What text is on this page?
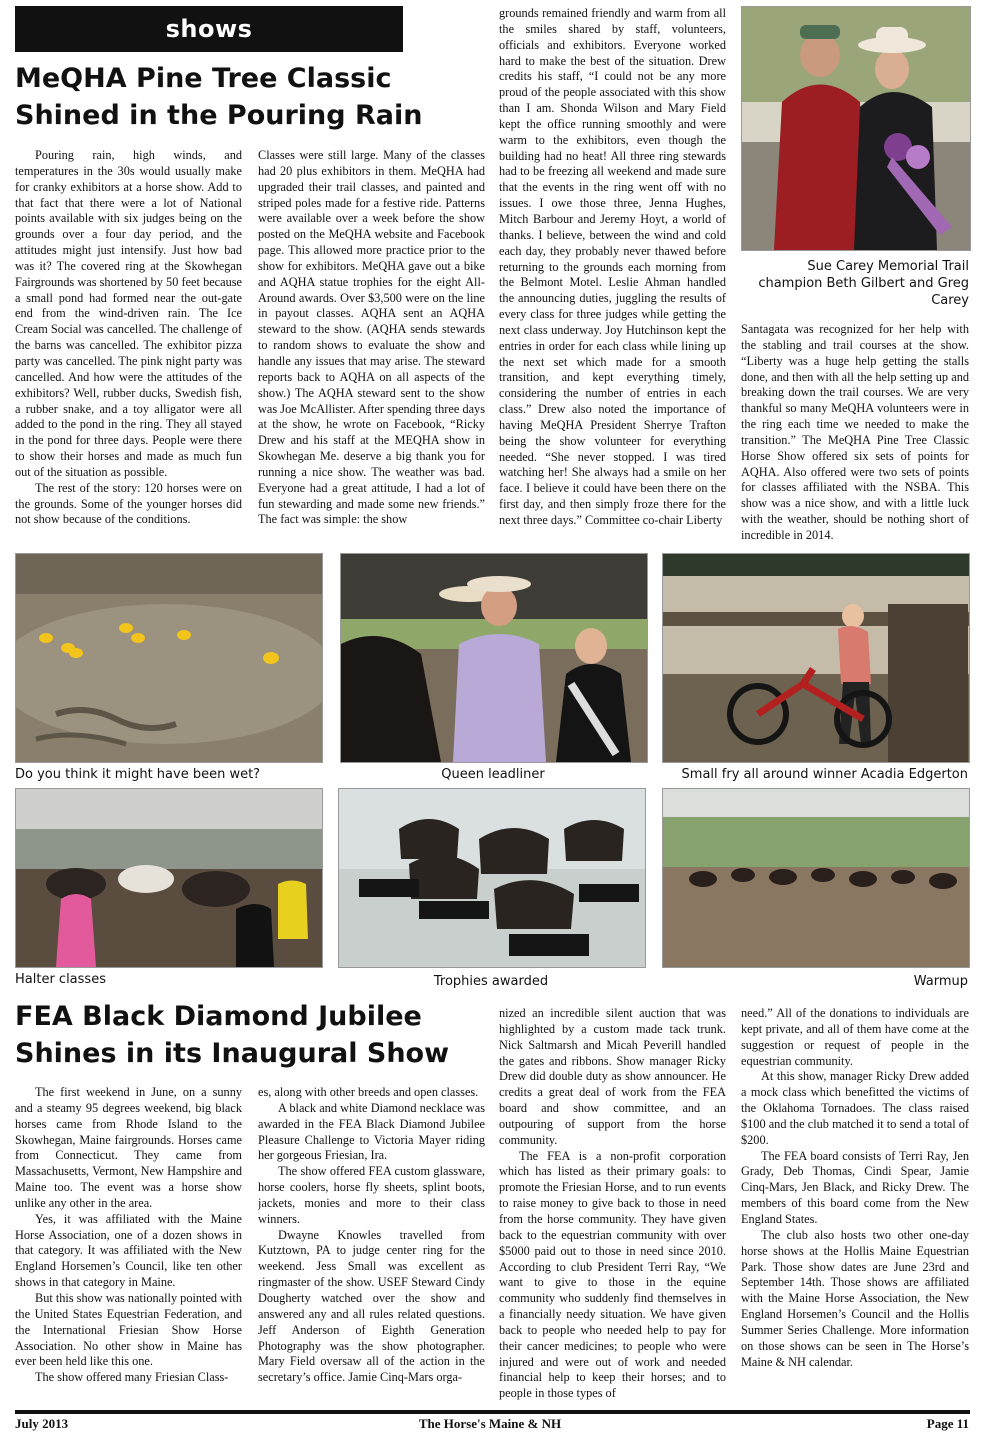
shows
MeQHA Pine Tree Classic
Shined in the Pouring Rain

Pouring rain, high winds, and temperatures in the 30s would usually make for cranky exhibitors at a horse show. Add to that fact that there were a lot of National points available with six judges being on the grounds over a four day period, and the attitudes might just intensify. Just how bad was it? The covered ring at the Skowhegan Fairgrounds was shortened by 50 feet because a small pond had formed near the out-gate end from the wind-driven rain. The Ice Cream Social was cancelled. The challenge of the barns was cancelled. The exhibitor pizza party was cancelled. The pink night party was cancelled. And how were the attitudes of the exhibitors? Well, rubber ducks, Swedish fish, a rubber snake, and a toy alligator were all added to the pond in the ring. They all stayed in the pond for three days. People were there to show their horses and made as much fun out of the situation as possible.

The rest of the story: 120 horses were on the grounds. Some of the younger horses did not show because of the conditions.

Classes were still large. Many of the classes had 20 plus exhibitors in them. MeQHA had upgraded their trail classes, and painted and striped poles made for a festive ride. Patterns were available over a week before the show posted on the MeQHA website and Facebook page. This allowed more practice prior to the show for exhibitors. MeQHA gave out a bike and AQHA statue trophies for the eight All-Around awards. Over $3,500 were on the line in payout classes. AQHA sent an AQHA steward to the show. (AQHA sends stewards to random shows to evaluate the show and handle any issues that may arise. The steward reports back to AQHA on all aspects of the show.) The AQHA steward sent to the show was Joe McAllister. After spending three days at the show, he wrote on Facebook, “Ricky Drew and his staff at the MEQHA show in Skowhegan Me. deserve a big thank you for running a nice show. The weather was bad. Everyone had a great attitude, I had a lot of fun stewarding and made some new friends.” The fact was simple: the show

grounds remained friendly and warm from all the smiles shared by staff, volunteers, officials and exhibitors. Everyone worked hard to make the best of the situation. Drew credits his staff, “I could not be any more proud of the people associated with this show than I am. Shonda Wilson and Mary Field kept the office running smoothly and were warm to the exhibitors, even though the building had no heat! All three ring stewards had to be freezing all weekend and made sure that the events in the ring went off with no issues. I owe those three, Jenna Hughes, Mitch Barbour and Jeremy Hoyt, a world of thanks. I believe, between the wind and cold each day, they probably never thawed before returning to the grounds each morning from the Belmont Motel. Leslie Ahman handled the announcing duties, juggling the results of every class for three judges while getting the next class underway. Joy Hutchinson kept the entries in order for each class while lining up the next set which made for a smooth transition, and kept everything timely, considering the number of entries in each class.” Drew also noted the importance of having MeQHA President Sherrye Trafton being the show volunteer for everything needed. “She never stopped. I was tired watching her! She always had a smile on her face. I believe it could have been there on the first day, and then simply froze there for the next three days.” Committee co-chair Liberty

Sue Carey Memorial Trail champion Beth Gilbert and Greg Carey

Santagata was recognized for her help with the stabling and trail courses at the show. “Liberty was a huge help getting the stalls done, and then with all the help setting up and breaking down the trail courses. We are very thankful so many MeQHA volunteers were in the ring each time we needed to make the transition.” The MeQHA Pine Tree Classic Horse Show offered six sets of points for AQHA. Also offered were two sets of points for classes affiliated with the NSBA. This show was a nice show, and with a little luck with the weather, should be nothing short of incredible in 2014.

Do you think it might have been wet?	Queen leadliner	Small fry all around winner Acadia Edgerton
Halter classes	Trophies awarded	Warmup
FEA Black Diamond Jubilee
Shines in its Inaugural Show

The first weekend in June, on a sunny and a steamy 95 degrees weekend, big black horses came from Rhode Island to the Skowhegan, Maine fairgrounds. Horses came from Connecticut. They came from Massachusetts, Vermont, New Hampshire and Maine too. The event was a horse show unlike any other in the area.

Yes, it was affiliated with the Maine Horse Association, one of a dozen shows in that category. It was affiliated with the New England Horsemen’s Council, like ten other shows in that category in Maine.

But this show was nationally pointed with the United States Equestrian Federation, and the International Friesian Show Horse Association. No other show in Maine has ever been held like this one.

The show offered many Friesian Class-

es, along with other breeds and open classes.

A black and white Diamond necklace was awarded in the FEA Black Diamond Jubilee Pleasure Challenge to Victoria Mayer riding her gorgeous Friesian, Ira.

The show offered FEA custom glassware, horse coolers, horse fly sheets, splint boots, jackets, monies and more to their class winners.

Dwayne Knowles travelled from Kutztown, PA to judge center ring for the weekend. Jess Small was excellent as ringmaster of the show. USEF Steward Cindy Dougherty watched over the show and answered any and all rules related questions. Jeff Anderson of Eighth Generation Photography was the show photographer. Mary Field oversaw all of the action in the secretary’s office. Jamie Cinq-Mars orga-

nized an incredible silent auction that was highlighted by a custom made tack trunk. Nick Saltmarsh and Micah Peverill handled the gates and ribbons. Show manager Ricky Drew did double duty as show announcer. He credits a great deal of work from the FEA board and show committee, and an outpouring of support from the horse community.

The FEA is a non-profit corporation which has listed as their primary goals: to promote the Friesian Horse, and to run events to raise money to give back to those in need from the horse community. They have given back to the equestrian community with over $5000 paid out to those in need since 2010. According to club President Terri Ray, “We want to give to those in the equine community who suddenly find themselves in a financially needy situation. We have given back to people who needed help to pay for their cancer medicines; to people who were injured and were out of work and needed financial help to keep their horses; and to people in those types of

need.” All of the donations to individuals are kept private, and all of them have come at the suggestion or request of people in the equestrian community.

At this show, manager Ricky Drew added a mock class which benefitted the victims of the Oklahoma Tornadoes. The class raised $100 and the club matched it to send a total of $200.

The FEA board consists of Terri Ray, Jen Grady, Deb Thomas, Cindi Spear, Jamie Cinq-Mars, Jen Black, and Ricky Drew. The members of this board come from the New England States.

The club also hosts two other one-day horse shows at the Hollis Maine Equestrian Park. Those show dates are June 23rd and September 14th. Those shows are affiliated with the Maine Horse Association, the New England Horsemen’s Council and the Hollis Summer Series Challenge. More information on those shows can be seen in The Horse’s Maine & NH calendar.

July 2013	The Horse's Maine & NH	Page 11
